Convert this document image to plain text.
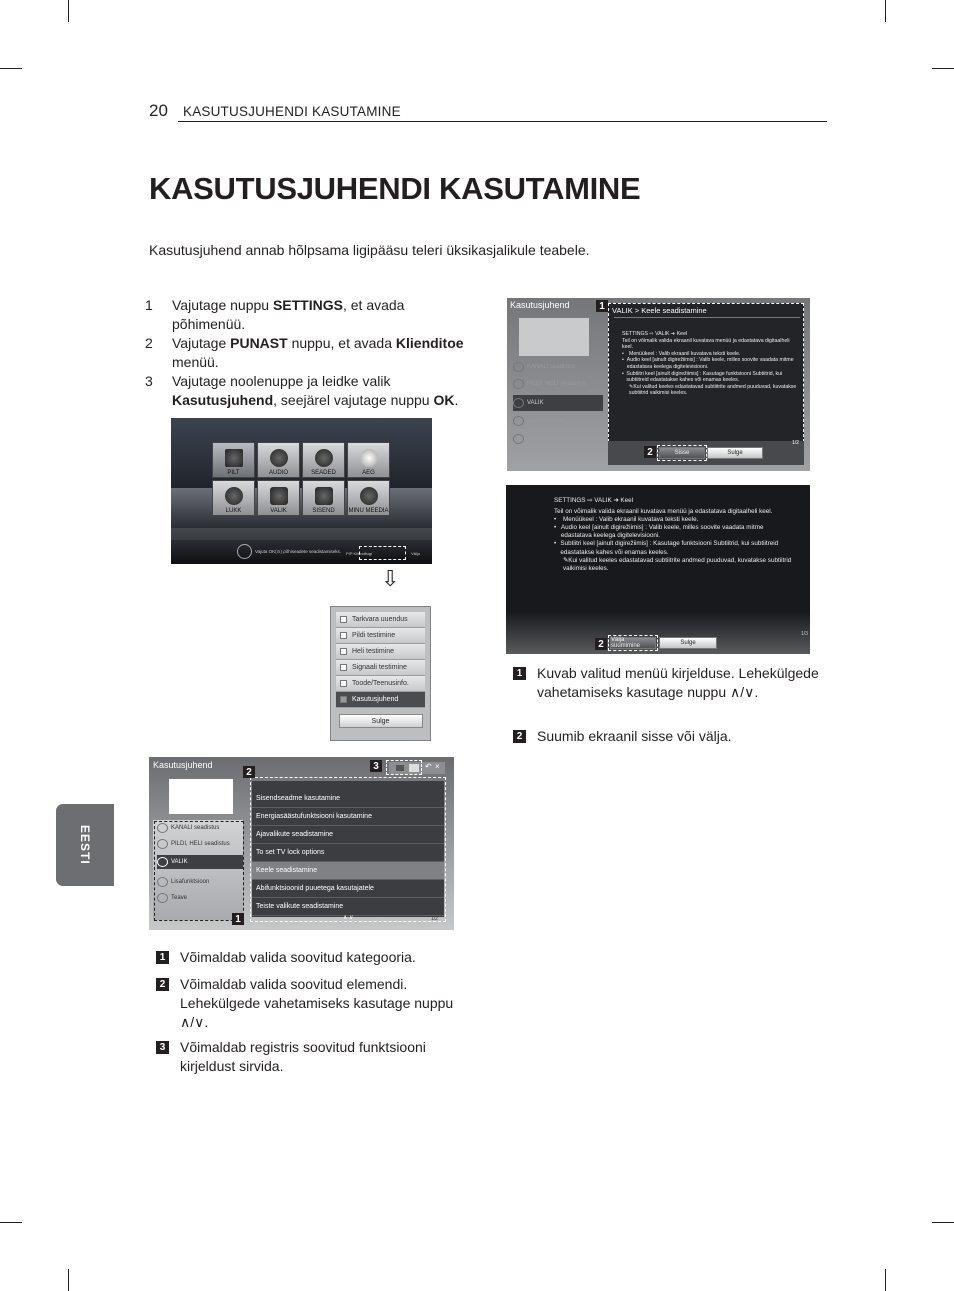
20 KASUTUSJUHENDI KASUTAMINE
KASUTUSJUHENDI KASUTAMINE
Kasutusjuhend annab hõlpsama ligipääsu teleri üksikasjalikule teabele.
1	Vajutage nuppu SETTINGS, et avada põhimenüü.
2	Vajutage PUNAST nuppu, et avada Klienditoe menüü.
3	Vajutage noolenuppe ja leidke valik Kasutusjuhend, seejärel vajutage nuppu OK.
EESTI
PILT	AUDIO	SEADED	AEG
LUKK	VALIK	SISEND	MINU MEEDIA
Vajuta OK(⊙) põhiseadete seadistamiseks. PIP Klienditugi	Välju
⇩
Tarkvara uuendus
Pildi testimine
Heli testimine
Signaali testimine
Toode/Teenusinfo.
Kasutusjuhend
Sulge
Kasutusjuhend
KANALI seadistus
PILDI, HELI seadistus
VALIK
Lisafunktsioon
Teave
Sisendseadme kasutamine
Energiasäästufunktsiooni kasutamine
Ajavalikute seadistamine
To set TV lock options
Keele seadistamine
Abifunktsioonid puuetega kasutajatele
Teiste valikute seadistamine
∧ ∨	1/2
↶ ×
2
3
1
1 Võimaldab valida soovitud kategooria.
2 Võimaldab valida soovitud elemendi. Lehekülgede vahetamiseks kasutage nuppu ∧/∨.
3 Võimaldab registris soovitud funktsiooni kirjeldust sirvida.
Kasutusjuhend
KANALI seadistus
PILDI, HELI seadistus
VALIK
Lisafunktsioon
Teave
VALIK > Keele seadistamine
SETTINGS ⇨ VALIK ➜ Keel
Teil on võimalik valida ekraanil kuvatava menüü ja edastatava digitaalheli keel.
• Menüükeel : Valib ekraanil kuvatava teksti keele.
• Audio keel [ainult digirežiimis] : Valib keele, milles soovite vaadata mitme edastatava keelega digitelevisiooni.
• Subtiitri keel [ainult digirežiimis] : Kasutage funktsiooni Subtiitrid, kui subtiitreid edastatakse kahes või enamas keeles.
✎Kui valitud keeles edastatavad subtiitrite andmed puuduvad, kuvatakse subtiitrid vaikimisi keeles.
Sisse	Sulge
1/2
1
2
SETTINGS ⇨ VALIK ➜ Keel
Teil on võimalik valida ekraanil kuvatava menüü ja edastatava digitaalheli keel.
•	Menüükeel : Valib ekraanil kuvatava teksti keele.
• Audio keel [ainult digirežiimis] : Valib keele, milles soovite vaadata mitme edastatava keelega digitelevisiooni.
• Subtiitri keel [ainult digirežiimis] : Kasutage funktsiooni Subtiitrid, kui subtiitreid edastatakse kahes või enamas keeles.
✎Kui valitud keeles edastatavad subtiitrite andmed puuduvad, kuvatakse subtiitrid vaikimisi keeles.
Välja suumimine	Sulge
1/3
2
1 Kuvab valitud menüü kirjelduse. Lehekülgede vahetamiseks kasutage nuppu ∧/∨.
2 Suumib ekraanil sisse või välja.
